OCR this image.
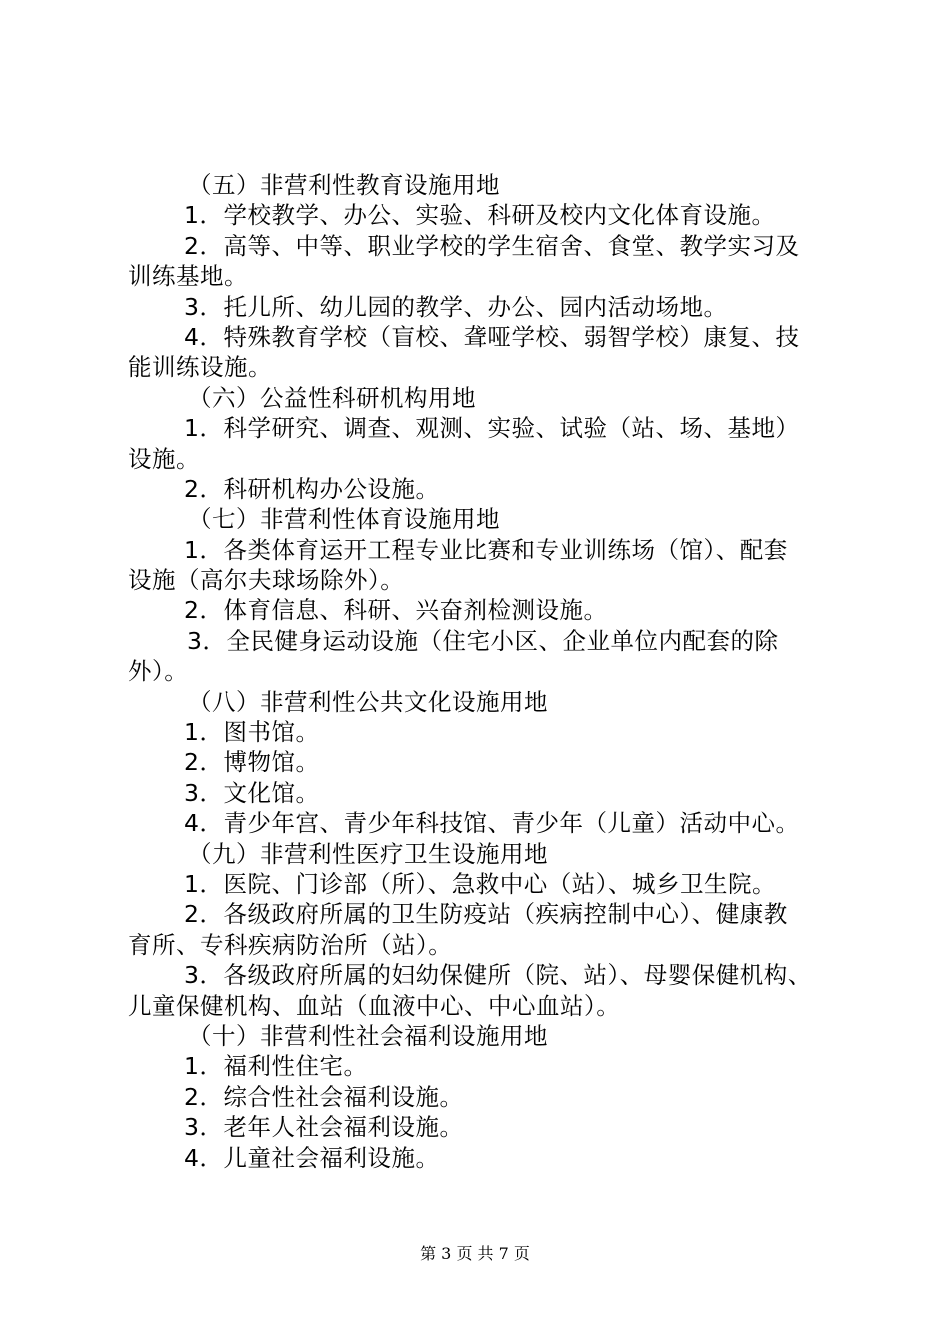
（五）非营利性教育设施用地
1．学校教学、办公、实验、科研及校内文化体育设施。
2．高等、中等、职业学校的学生宿舍、食堂、教学实习及
训练基地。
3．托儿所、幼儿园的教学、办公、园内活动场地。
4．特殊教育学校（盲校、聋哑学校、弱智学校）康复、技
能训练设施。
（六）公益性科研机构用地
1．科学研究、调查、观测、实验、试验（站、场、基地）
设施。
2．科研机构办公设施。
（七）非营利性体育设施用地
1．各类体育运开工程专业比赛和专业训练场（馆）、配套
设施（高尔夫球场除外）。
2．体育信息、科研、兴奋剂检测设施。
3．全民健身运动设施（住宅小区、企业单位内配套的除
外）。
（八）非营利性公共文化设施用地
1．图书馆。
2．博物馆。
3．文化馆。
4．青少年宫、青少年科技馆、青少年（儿童）活动中心。
（九）非营利性医疗卫生设施用地
1．医院、门诊部（所）、急救中心（站）、城乡卫生院。
2．各级政府所属的卫生防疫站（疾病控制中心）、健康教
育所、专科疾病防治所（站）。
3．各级政府所属的妇幼保健所（院、站）、母婴保健机构、
儿童保健机构、血站（血液中心、中心血站）。
（十）非营利性社会福利设施用地
1．福利性住宅。
2．综合性社会福利设施。
3．老年人社会福利设施。
4．儿童社会福利设施。
第 3 页 共 7 页
